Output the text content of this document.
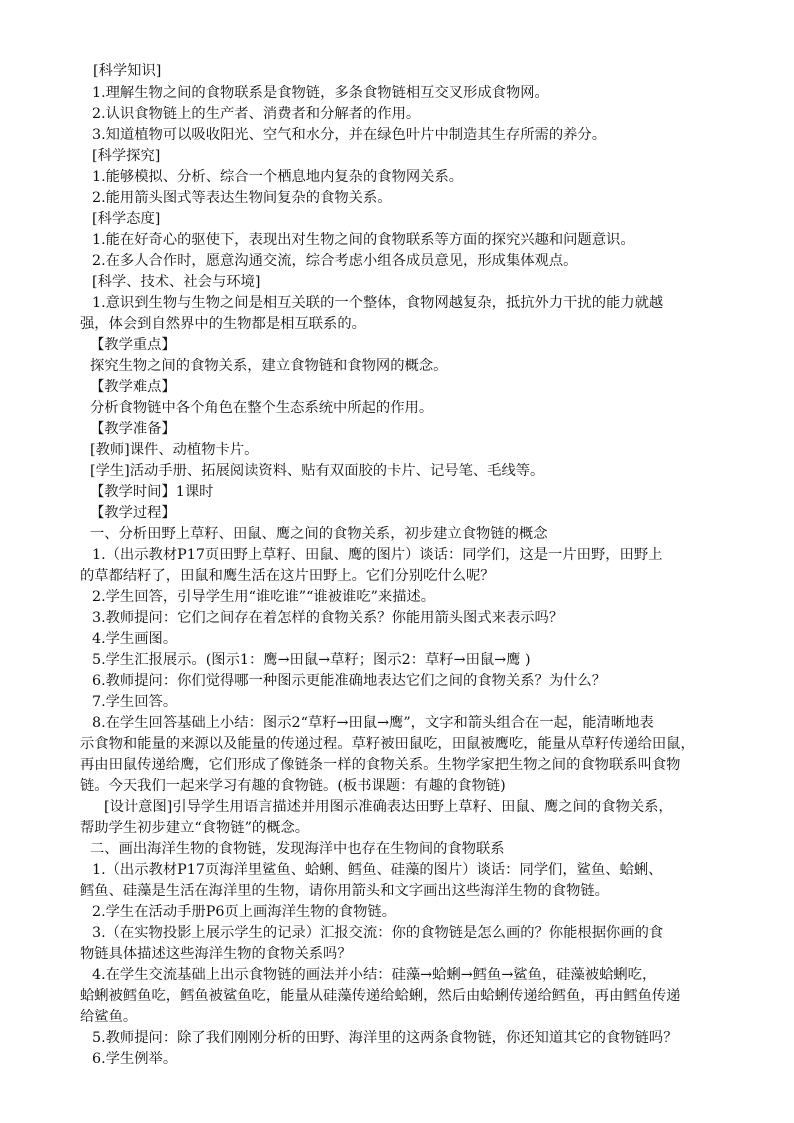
[科学知识]
1.理解生物之间的食物联系是食物链，多条食物链相互交叉形成食物网。
2.认识食物链上的生产者、消费者和分解者的作用。
3.知道植物可以吸收阳光、空气和水分，并在绿色叶片中制造其生存所需的养分。
[科学探究]
1.能够模拟、分析、综合一个栖息地内复杂的食物网关系。
2.能用箭头图式等表达生物间复杂的食物关系。
[科学态度]
1.能在好奇心的驱使下，表现出对生物之间的食物联系等方面的探究兴趣和问题意识。
2.在多人合作时，愿意沟通交流，综合考虑小组各成员意见，形成集体观点。
[科学、技术、社会与环境]
1.意识到生物与生物之间是相互关联的一个整体，食物网越复杂，抵抗外力干扰的能力就越
强，体会到自然界中的生物都是相互联系的。
【教学重点】
探究生物之间的食物关系，建立食物链和食物网的概念。
【教学难点】
分析食物链中各个角色在整个生态系统中所起的作用。
【教学准备】
[教师]课件、动植物卡片。
[学生]活动手册、拓展阅读资料、贴有双面胶的卡片、记号笔、毛线等。
【教学时间】1课时
【教学过程】
一、分析田野上草籽、田鼠、鹰之间的食物关系，初步建立食物链的概念
1.（出示教材P17页田野上草籽、田鼠、鹰的图片）谈话：同学们，这是一片田野，田野上
的草都结籽了，田鼠和鹰生活在这片田野上。它们分别吃什么呢？
2.学生回答，引导学生用“谁吃谁”“谁被谁吃”来描述。
3.教师提问：它们之间存在着怎样的食物关系？你能用箭头图式来表示吗？
4.学生画图。
5.学生汇报展示。(图示1：鹰→田鼠→草籽；图示2：草籽→田鼠→鹰 )
6.教师提问：你们觉得哪一种图示更能准确地表达它们之间的食物关系？为什么？
7.学生回答。
8.在学生回答基础上小结：图示2“草籽→田鼠→鹰”，文字和箭头组合在一起，能清晰地表
示食物和能量的来源以及能量的传递过程。草籽被田鼠吃，田鼠被鹰吃，能量从草籽传递给田鼠，
再由田鼠传递给鹰，它们形成了像链条一样的食物关系。生物学家把生物之间的食物联系叫食物
链。今天我们一起来学习有趣的食物链。(板书课题：有趣的食物链)
[设计意图]引导学生用语言描述并用图示准确表达田野上草籽、田鼠、鹰之间的食物关系，
帮助学生初步建立“食物链”的概念。
二、画出海洋生物的食物链，发现海洋中也存在生物间的食物联系
1.（出示教材P17页海洋里鲨鱼、蛤蜊、鳕鱼、硅藻的图片）谈话：同学们，鲨鱼、蛤蜊、
鳕鱼、硅藻是生活在海洋里的生物，请你用箭头和文字画出这些海洋生物的食物链。
2.学生在活动手册P6页上画海洋生物的食物链。
3.（在实物投影上展示学生的记录）汇报交流：你的食物链是怎么画的？你能根据你画的食
物链具体描述这些海洋生物的食物关系吗？
4.在学生交流基础上出示食物链的画法并小结：硅藻→蛤蜊→鳕鱼→鲨鱼，硅藻被蛤蜊吃，
蛤蜊被鳕鱼吃，鳕鱼被鲨鱼吃，能量从硅藻传递给蛤蜊，然后由蛤蜊传递给鳕鱼，再由鳕鱼传递
给鲨鱼。
5.教师提问：除了我们刚刚分析的田野、海洋里的这两条食物链，你还知道其它的食物链吗？
6.学生例举。
